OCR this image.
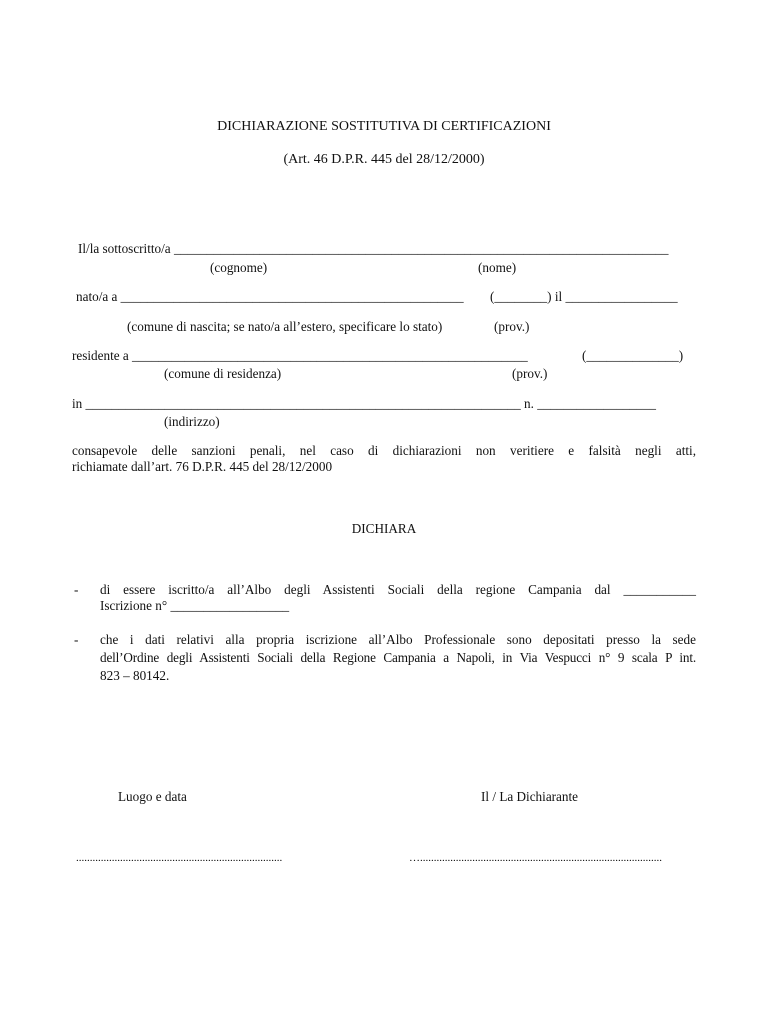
DICHIARAZIONE SOSTITUTIVA DI CERTIFICAZIONI
(Art. 46 D.P.R. 445 del 28/12/2000)
Il/la sottoscritto/a ___________________________________________________________________________
(cognome)	(nome)
nato/a a ____________________________________________________ (________) il _________________
(comune di nascita; se nato/a all’estero, specificare lo stato)	(prov.)
residente a ____________________________________________________________	(______________)
(comune di residenza)	(prov.)
in __________________________________________________________________ n. __________________
(indirizzo)
consapevole delle sanzioni penali, nel caso di dichiarazioni non veritiere e falsità negli atti,
richiamate dall’art. 76 D.P.R. 445 del 28/12/2000
DICHIARA
- di essere iscritto/a all’Albo degli Assistenti Sociali della regione Campania dal ___________
Iscrizione n° __________________
- che i dati relativi alla propria iscrizione all’Albo Professionale sono depositati presso la sede
dell’Ordine degli Assistenti Sociali della Regione Campania a Napoli, in Via Vespucci n° 9 scala P int.
823 – 80142.
Luogo e data	Il / La Dichiarante
...........................................................................	…........................................................................................
